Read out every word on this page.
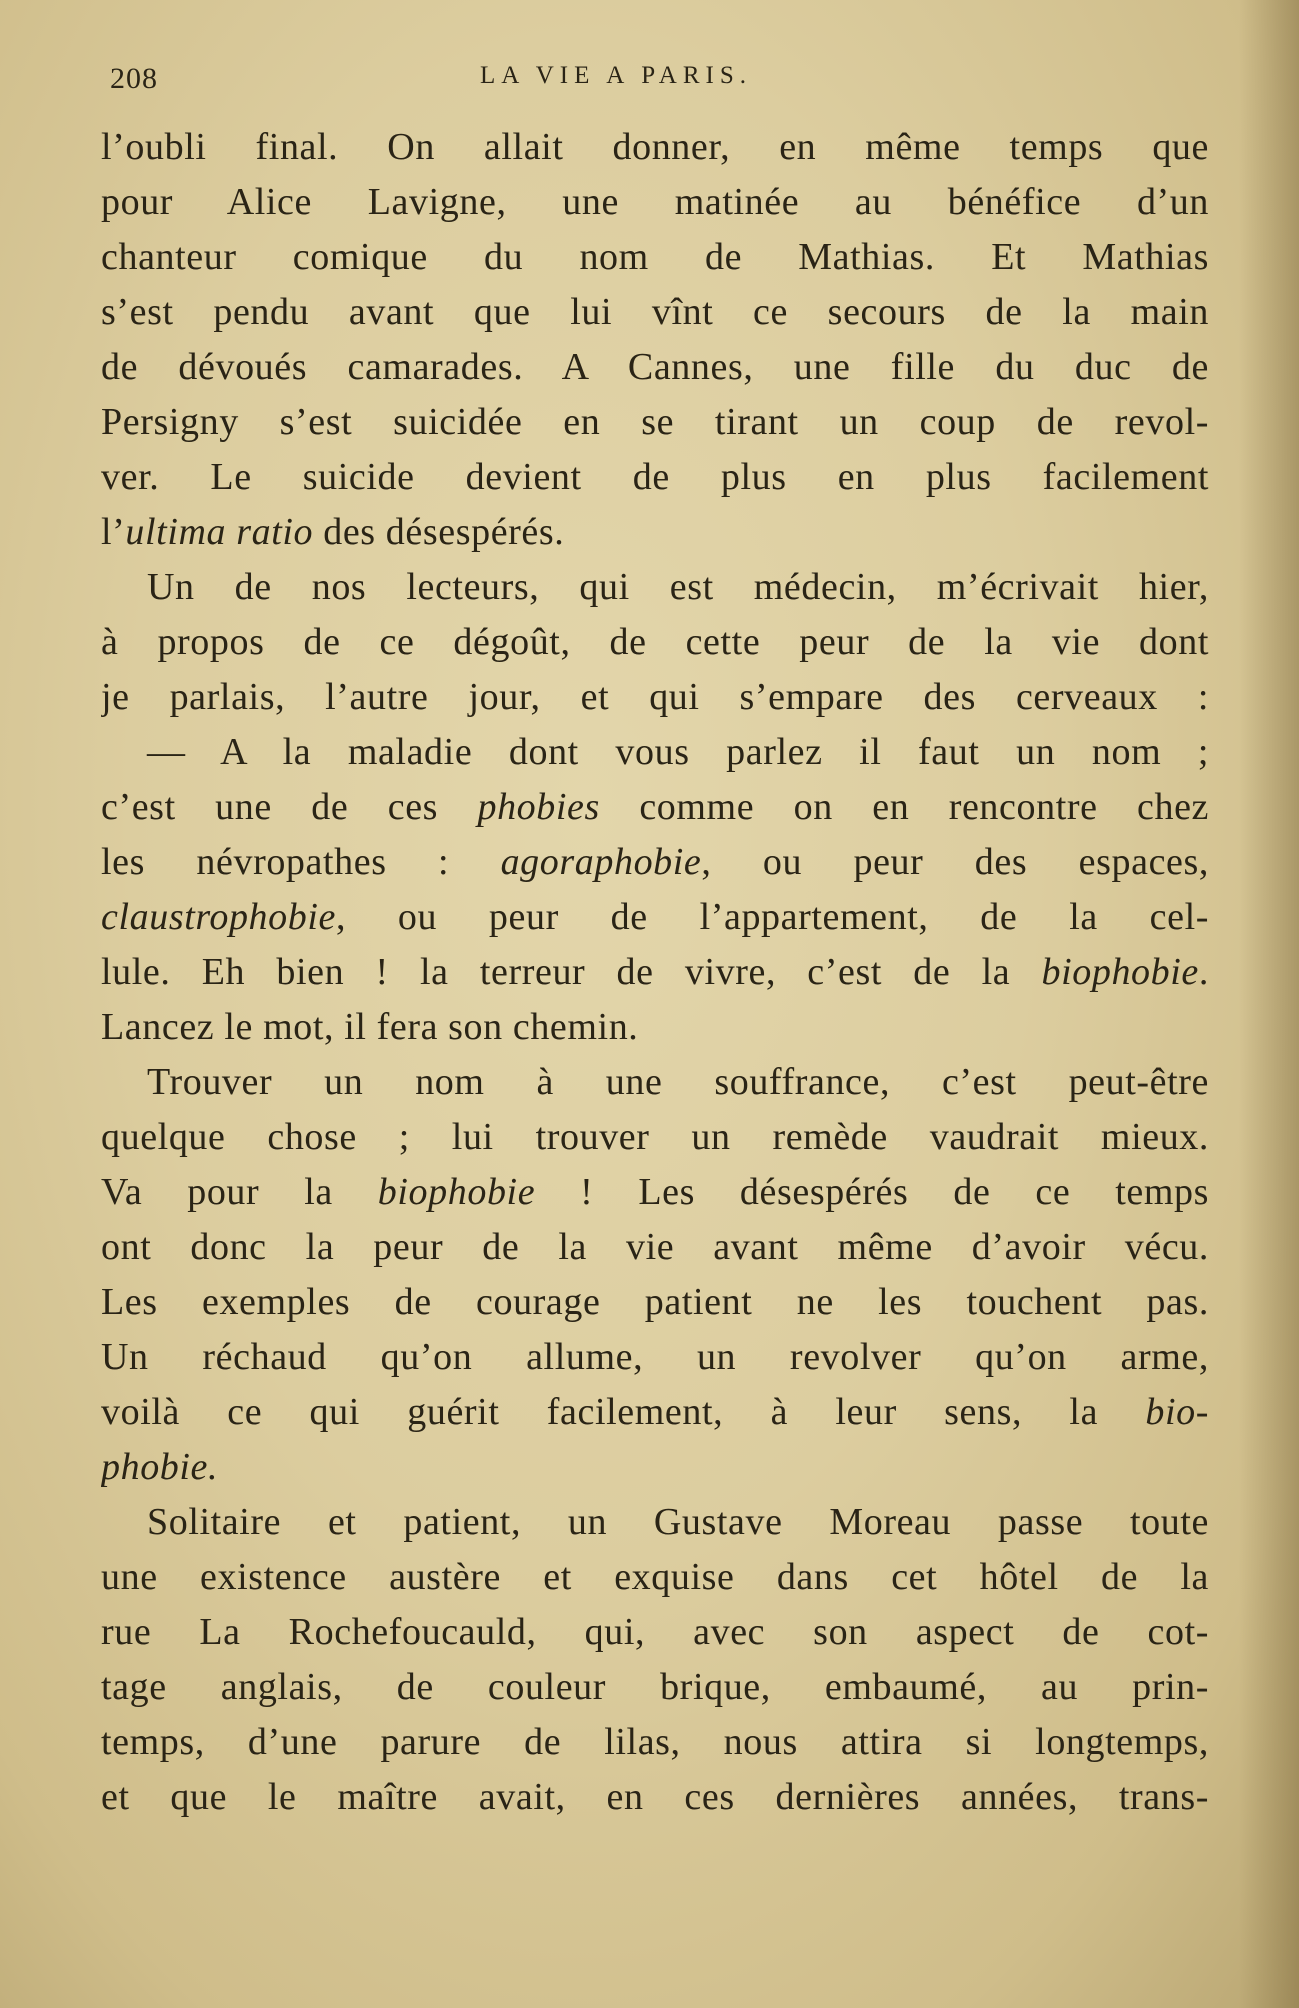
208	LA VIE A PARIS.
l’oubli final. On allait donner, en même temps que
pour Alice Lavigne, une matinée au bénéfice d’un
chanteur comique du nom de Mathias. Et Mathias
s’est pendu avant que lui vînt ce secours de la main
de dévoués camarades. A Cannes, une fille du duc de
Persigny s’est suicidée en se tirant un coup de revol-
ver. Le suicide devient de plus en plus facilement
l’ultima ratio des désespérés.
Un de nos lecteurs, qui est médecin, m’écrivait hier,
à propos de ce dégoût, de cette peur de la vie dont
je parlais, l’autre jour, et qui s’empare des cerveaux :
— A la maladie dont vous parlez il faut un nom ;
c’est une de ces phobies comme on en rencontre chez
les névropathes : agoraphobie, ou peur des espaces,
claustrophobie, ou peur de l’appartement, de la cel-
lule. Eh bien ! la terreur de vivre, c’est de la biophobie.
Lancez le mot, il fera son chemin.
Trouver un nom à une souffrance, c’est peut-être
quelque chose ; lui trouver un remède vaudrait mieux.
Va pour la biophobie ! Les désespérés de ce temps
ont donc la peur de la vie avant même d’avoir vécu.
Les exemples de courage patient ne les touchent pas.
Un réchaud qu’on allume, un revolver qu’on arme,
voilà ce qui guérit facilement, à leur sens, la bio-
phobie.
Solitaire et patient, un Gustave Moreau passe toute
une existence austère et exquise dans cet hôtel de la
rue La Rochefoucauld, qui, avec son aspect de cot-
tage anglais, de couleur brique, embaumé, au prin-
temps, d’une parure de lilas, nous attira si longtemps,
et que le maître avait, en ces dernières années, trans-
